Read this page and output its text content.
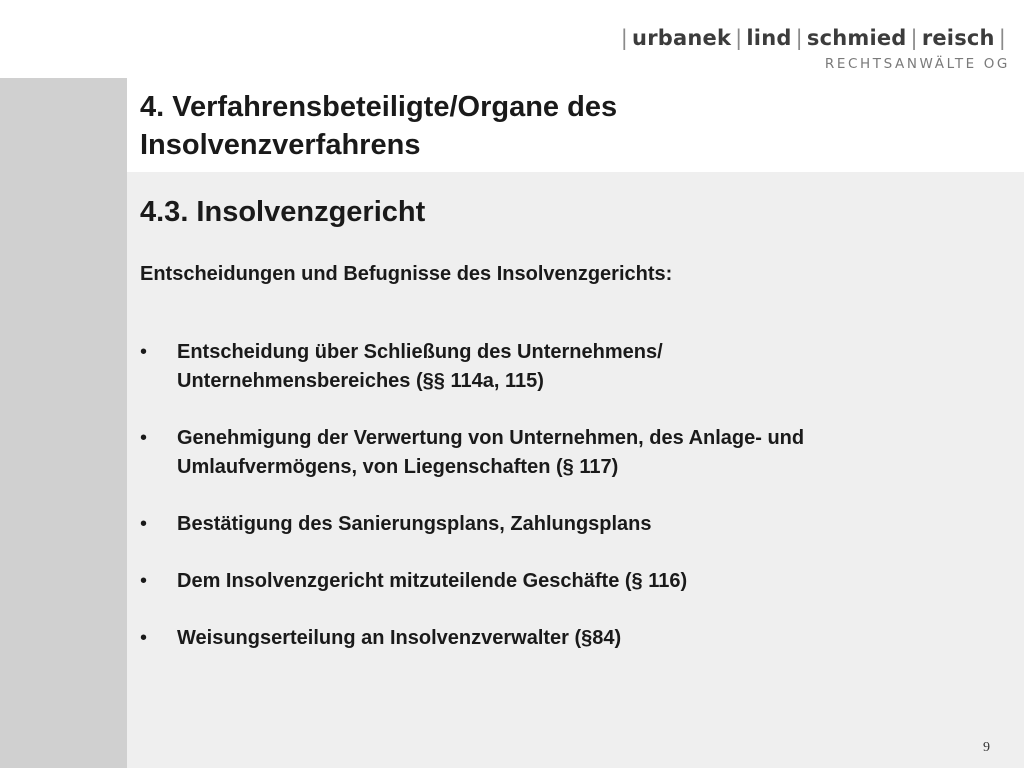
| urbanek | lind | schmied | reisch |
RECHTSANWÄLTE OG
4. Verfahrensbeteiligte/Organe des
Insolvenzverfahrens
4.3. Insolvenzgericht
Entscheidungen und Befugnisse des Insolvenzgerichts:
•	Entscheidung über Schließung des Unternehmens/
Unternehmensbereiches (§§ 114a, 115)
•	Genehmigung der Verwertung von Unternehmen, des Anlage- und
Umlaufvermögens, von Liegenschaften (§ 117)
•	Bestätigung des Sanierungsplans, Zahlungsplans
•	Dem Insolvenzgericht mitzuteilende Geschäfte (§ 116)
•	Weisungserteilung an Insolvenzverwalter (§84)
9
